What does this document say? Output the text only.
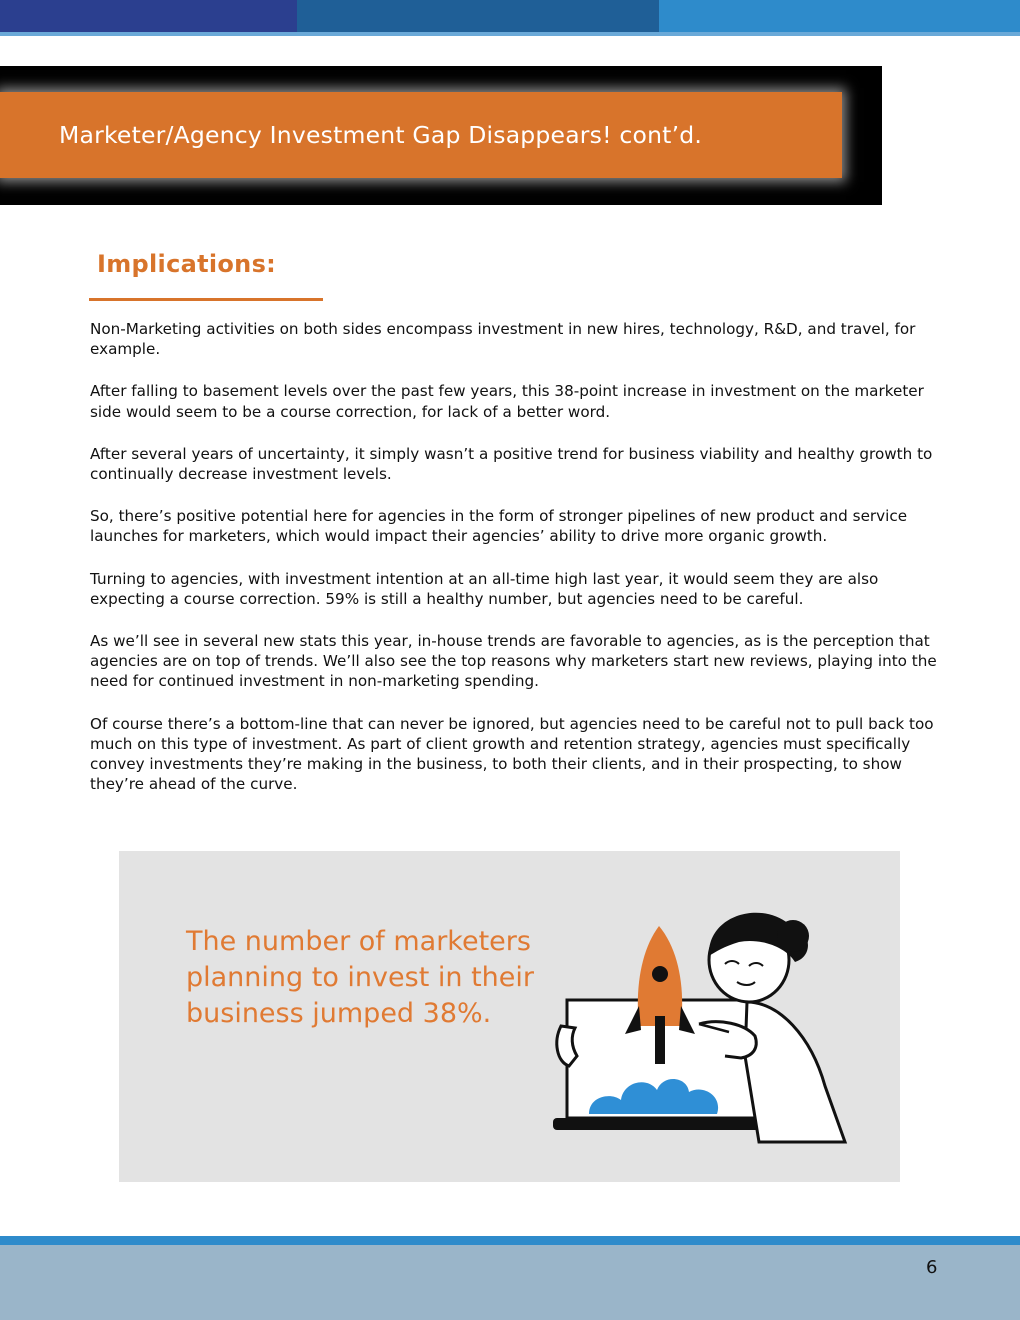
Marketer/Agency Investment Gap Disappears! cont’d.
Implications:

Non-Marketing activities on both sides encompass investment in new hires, technology, R&D, and travel, for example.

After falling to basement levels over the past few years, this 38-point increase in investment on the marketer side would seem to be a course correction, for lack of a better word.

After several years of uncertainty, it simply wasn’t a positive trend for business viability and healthy growth to continually decrease investment levels.

So, there’s positive potential here for agencies in the form of stronger pipelines of new product and service launches for marketers, which would impact their agencies’ ability to drive more organic growth.

Turning to agencies, with investment intention at an all-time high last year, it would seem they are also expecting a course correction. 59% is still a healthy number, but agencies need to be careful.

As we’ll see in several new stats this year, in-house trends are favorable to agencies, as is the perception that agencies are on top of trends. We’ll also see the top reasons why marketers start new reviews, playing into the need for continued investment in non-marketing spending.

Of course there’s a bottom-line that can never be ignored, but agencies need to be careful not to pull back too much on this type of investment. As part of client growth and retention strategy, agencies must specifically convey investments they’re making in the business, to both their clients, and in their prospecting, to show they’re ahead of the curve.

The number of marketers planning to invest in their business jumped 38%.
6
